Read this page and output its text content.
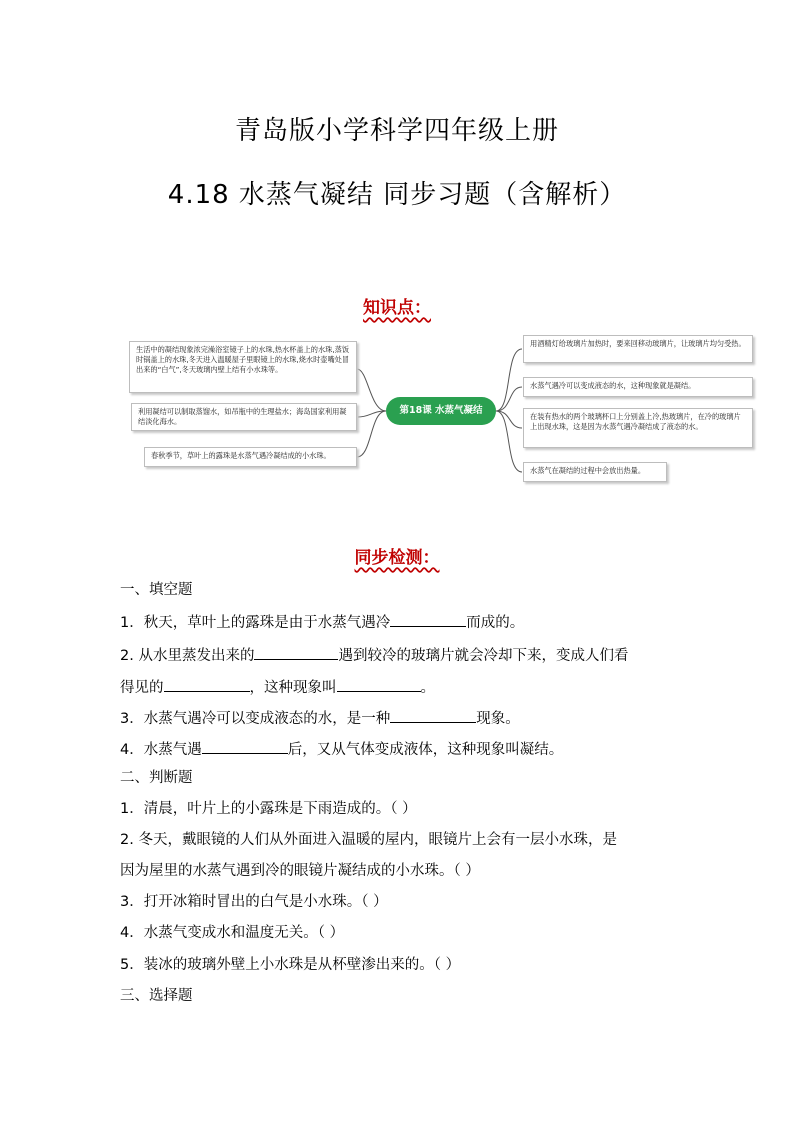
青岛版小学科学四年级上册
4.18 水蒸气凝结 同步习题（含解析）
知识点：
生活中的凝结现象浓完澡浴室镜子上的水珠,热水杯盖上的水珠,蒸饭时锅盖上的水珠,冬天进入温暖屋子里眼镜上的水珠,烧水时壶嘴处冒出来的“白气”,冬天玻璃内壁上结有小水珠等。
利用凝结可以制取蒸馏水，如吊瓶中的生理盐水；海岛国家利用凝结淡化海水。
春秋季节，草叶上的露珠是水蒸气遇冷凝结成的小水珠。
第18课 水蒸气凝结
用酒精灯给玻璃片加热时，要来回移动玻璃片，让玻璃片均匀受热。
水蒸气遇冷可以变成液态的水，这种现象就是凝结。
在装有热水的两个玻璃杯口上分别盖上冷,热玻璃片，在冷的玻璃片上出现水珠，这是因为水蒸气遇冷凝结成了液态的水。
水蒸气在凝结的过程中会放出热量。
同步检测：
一、填空题
1．秋天，草叶上的露珠是由于水蒸气遇冷	而成的。
2. 从水里蒸发出来的	遇到较冷的玻璃片就会冷却下来，变成人们看
得见的	，这种现象叫	。
3．水蒸气遇冷可以变成液态的水，是一种	现象。
4．水蒸气遇	后，又从气体变成液体，这种现象叫凝结。
二、判断题
1．清晨，叶片上的小露珠是下雨造成的。（ ）
2. 冬天，戴眼镜的人们从外面进入温暖的屋内，眼镜片上会有一层小水珠，是
因为屋里的水蒸气遇到冷的眼镜片凝结成的小水珠。（ ）
3．打开冰箱时冒出的白气是小水珠。（ ）
4．水蒸气变成水和温度无关。（ ）
5．装冰的玻璃外壁上小水珠是从杯壁渗出来的。（ ）
三、选择题
